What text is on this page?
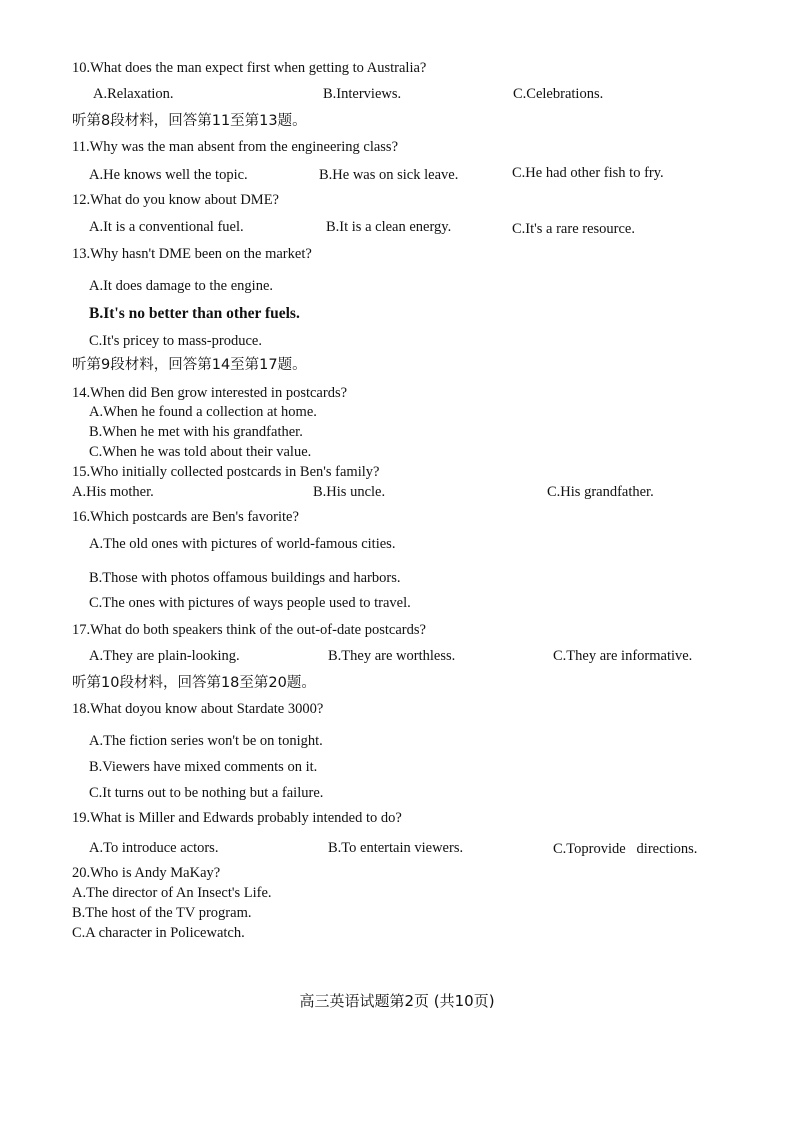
10.What does the man expect first when getting to Australia?
A.Relaxation.	B.Interviews.	C.Celebrations.
听第8段材料，回答第11至第13题。
11.Why was the man absent from the engineering class?
A.He knows well the topic.	B.He was on sick leave.	C.He had other fish to fry.
12.What do you know about DME?
A.It is a conventional fuel.	B.It is a clean energy.	C.It's a rare resource.
13.Why hasn't DME been on the market?
A.It does damage to the engine.
B.It's no better than other fuels.
C.It's pricey to mass-produce.
听第9段材料，回答第14至第17题。
14.When did Ben grow interested in postcards?
A.When he found a collection at home.
B.When he met with his grandfather.
C.When he was told about their value.
15.Who initially collected postcards in Ben's family?
A.His mother.	B.His uncle.	C.His grandfather.
16.Which postcards are Ben's favorite?
A.The old ones with pictures of world-famous cities.
B.Those with photos offamous buildings and harbors.
C.The ones with pictures of ways people used to travel.
17.What do both speakers think of the out-of-date postcards?
A.They are plain-looking.	B.They are worthless.	C.They are informative.
听第10段材料，回答第18至第20题。
18.What doyou know about Stardate 3000?
A.The fiction series won't be on tonight.
B.Viewers have mixed comments on it.
C.It turns out to be nothing but a failure.
19.What is Miller and Edwards probably intended to do?
A.To introduce actors.	B.To entertain viewers.	C.Toprovide   directions.
20.Who is Andy MaKay?
A.The director of An Insect's Life.
B.The host of the TV program.
C.A character in Policewatch.
高三英语试题第2页 (共10页)
